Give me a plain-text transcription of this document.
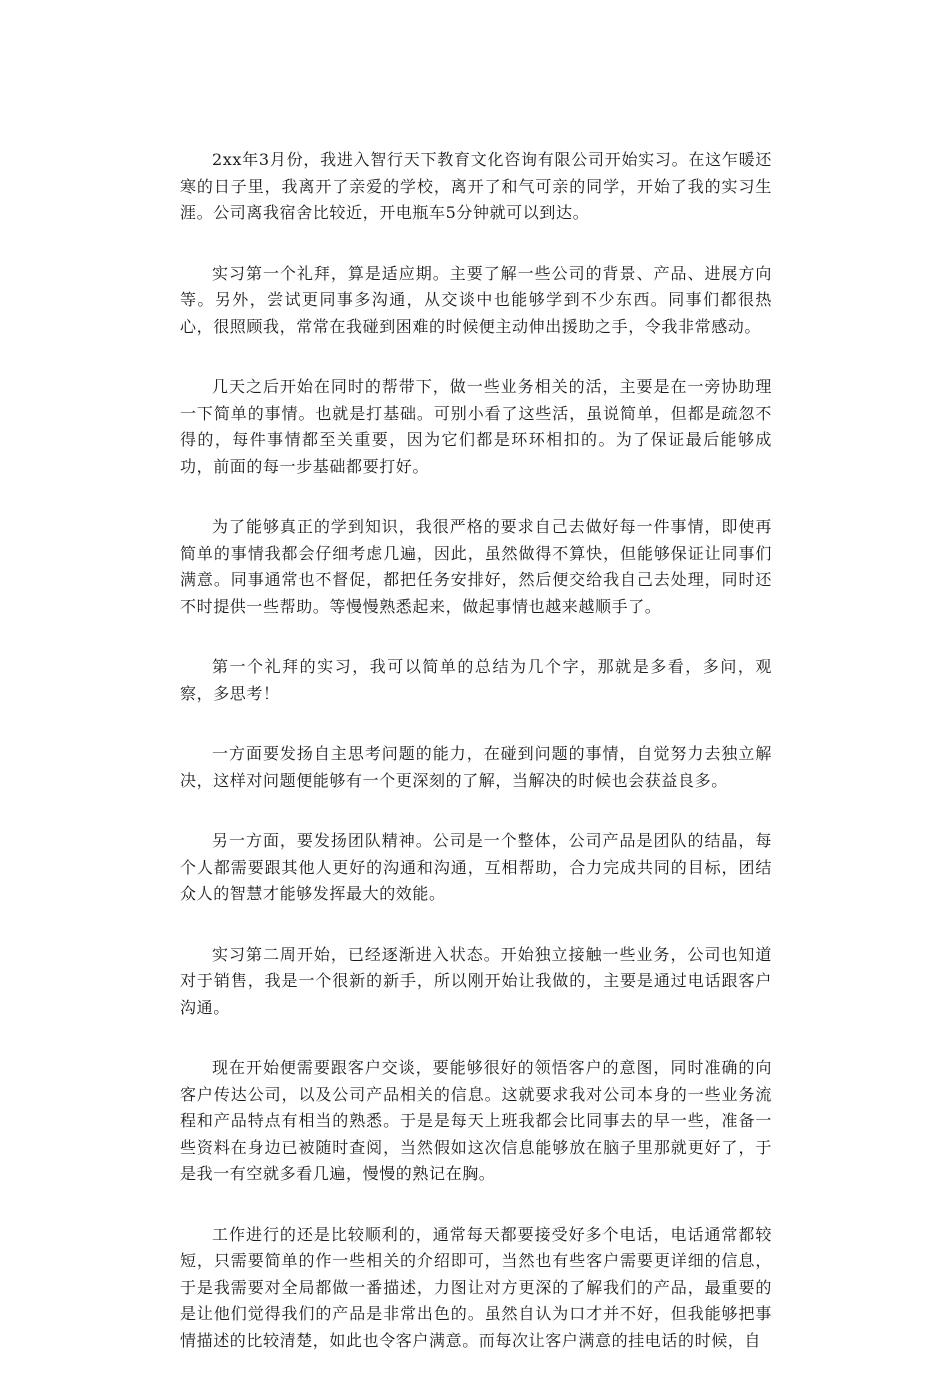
2xx年3月份，我进入智行天下教育文化咨询有限公司开始实习。在这乍暖还寒的日子里，我离开了亲爱的学校，离开了和气可亲的同学，开始了我的实习生涯。公司离我宿舍比较近，开电瓶车5分钟就可以到达。

实习第一个礼拜，算是适应期。主要了解一些公司的背景、产品、进展方向等。另外，尝试更同事多沟通，从交谈中也能够学到不少东西。同事们都很热心，很照顾我，常常在我碰到困难的时候便主动伸出援助之手，令我非常感动。

几天之后开始在同时的帮带下，做一些业务相关的活，主要是在一旁协助理一下简单的事情。也就是打基础。可别小看了这些活，虽说简单，但都是疏忽不得的，每件事情都至关重要，因为它们都是环环相扣的。为了保证最后能够成功，前面的每一步基础都要打好。

为了能够真正的学到知识，我很严格的要求自己去做好每一件事情，即使再简单的事情我都会仔细考虑几遍，因此，虽然做得不算快，但能够保证让同事们满意。同事通常也不督促，都把任务安排好，然后便交给我自己去处理，同时还不时提供一些帮助。等慢慢熟悉起来，做起事情也越来越顺手了。

第一个礼拜的实习，我可以简单的总结为几个字，那就是多看，多问，观察，多思考！

一方面要发扬自主思考问题的能力，在碰到问题的事情，自觉努力去独立解决，这样对问题便能够有一个更深刻的了解，当解决的时候也会获益良多。

另一方面，要发扬团队精神。公司是一个整体，公司产品是团队的结晶，每个人都需要跟其他人更好的沟通和沟通，互相帮助，合力完成共同的目标，团结众人的智慧才能够发挥最大的效能。

实习第二周开始，已经逐渐进入状态。开始独立接触一些业务，公司也知道对于销售，我是一个很新的新手，所以刚开始让我做的，主要是通过电话跟客户沟通。

现在开始便需要跟客户交谈，要能够很好的领悟客户的意图，同时准确的向客户传达公司，以及公司产品相关的信息。这就要求我对公司本身的一些业务流程和产品特点有相当的熟悉。于是是每天上班我都会比同事去的早一些，准备一些资料在身边已被随时查阅，当然假如这次信息能够放在脑子里那就更好了，于是我一有空就多看几遍，慢慢的熟记在胸。

工作进行的还是比较顺利的，通常每天都要接受好多个电话，电话通常都较短，只需要简单的作一些相关的介绍即可，当然也有些客户需要更详细的信息，于是我需要对全局都做一番描述，力图让对方更深的了解我们的产品，最重要的是让他们觉得我们的产品是非常出色的。虽然自认为口才并不好，但我能够把事情描述的比较清楚，如此也令客户满意。而每次让客户满意的挂电话的时候，自
